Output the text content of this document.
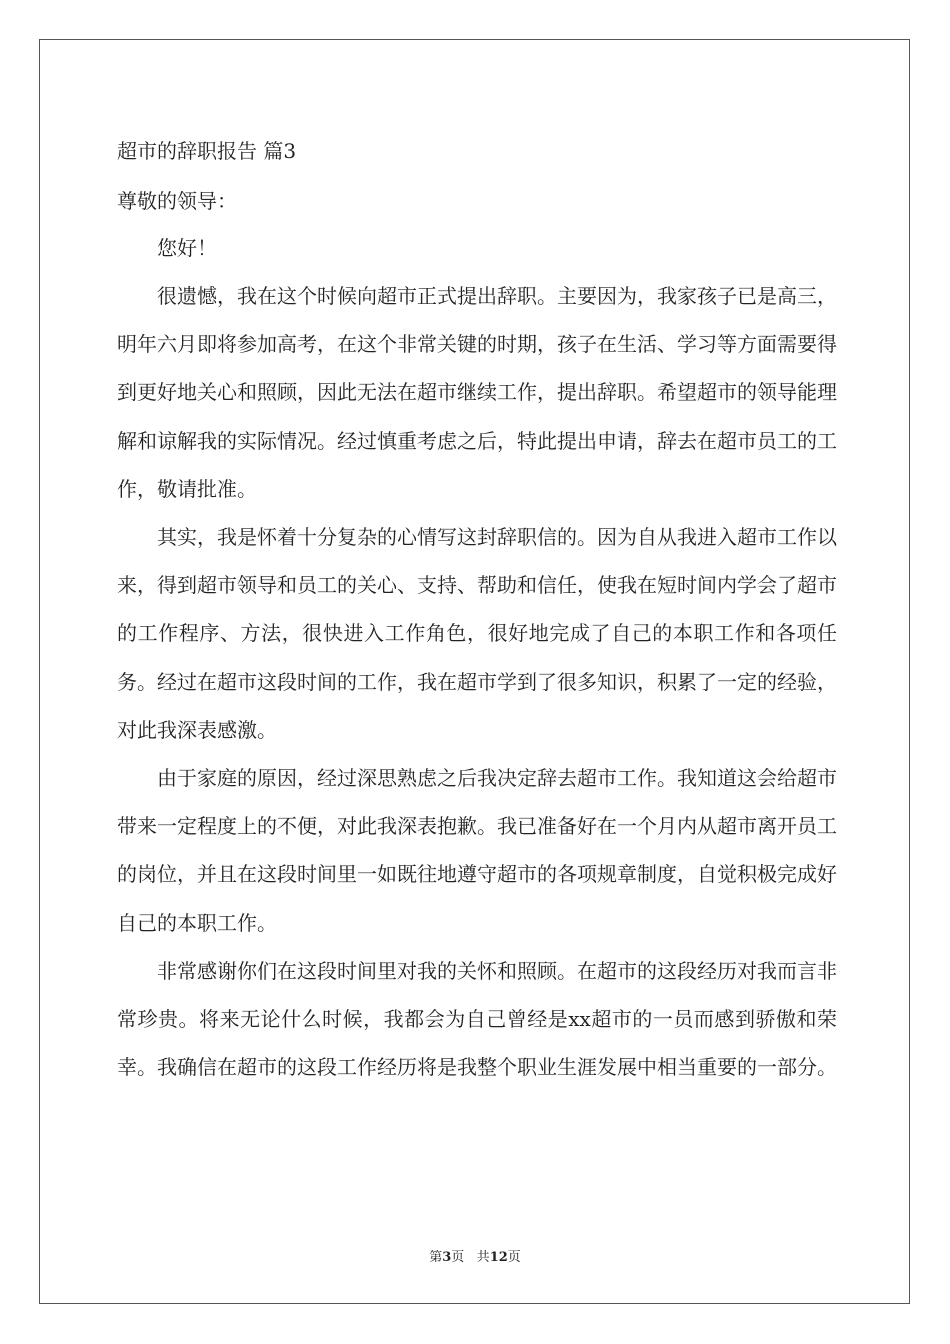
超市的辞职报告 篇3

尊敬的领导：

您好！

很遗憾，我在这个时候向超市正式提出辞职。主要因为，我家孩子已是高三，明年六月即将参加高考，在这个非常关键的时期，孩子在生活、学习等方面需要得到更好地关心和照顾，因此无法在超市继续工作，提出辞职。希望超市的领导能理解和谅解我的实际情况。经过慎重考虑之后，特此提出申请，辞去在超市员工的工作，敬请批准。

其实，我是怀着十分复杂的心情写这封辞职信的。因为自从我进入超市工作以来，得到超市领导和员工的关心、支持、帮助和信任，使我在短时间内学会了超市的工作程序、方法，很快进入工作角色，很好地完成了自己的本职工作和各项任务。经过在超市这段时间的工作，我在超市学到了很多知识，积累了一定的经验，对此我深表感激。

由于家庭的原因，经过深思熟虑之后我决定辞去超市工作。我知道这会给超市带来一定程度上的不便，对此我深表抱歉。我已准备好在一个月内从超市离开员工的岗位，并且在这段时间里一如既往地遵守超市的各项规章制度，自觉积极完成好自己的本职工作。

非常感谢你们在这段时间里对我的关怀和照顾。在超市的这段经历对我而言非常珍贵。将来无论什么时候，我都会为自己曾经是xx超市的一员而感到骄傲和荣幸。我确信在超市的这段工作经历将是我整个职业生涯发展中相当重要的一部分。

第3页 共12页
